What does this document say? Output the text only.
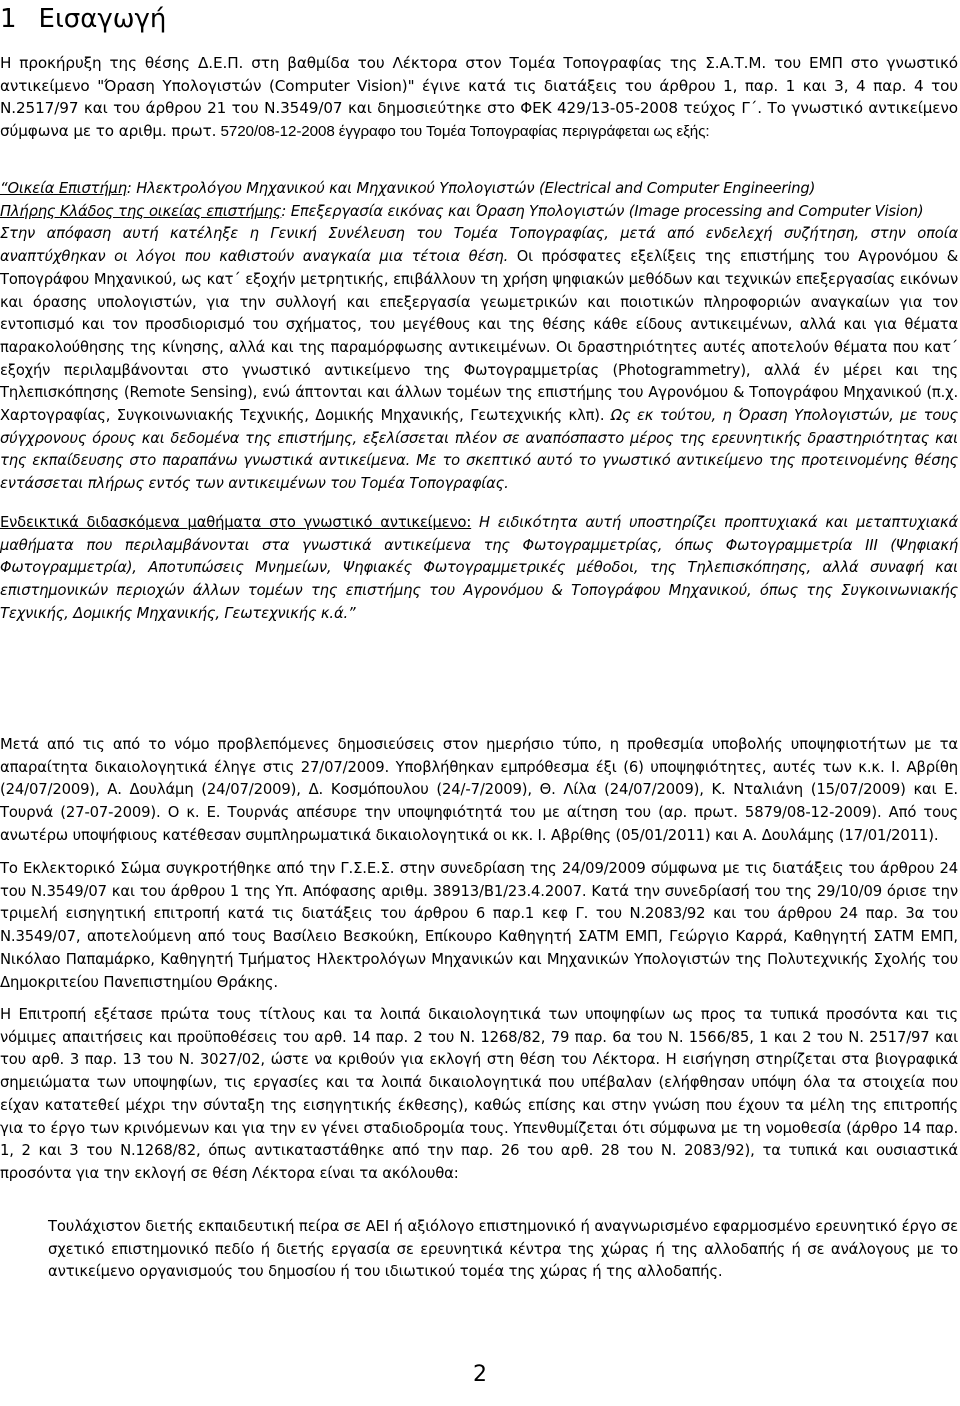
1 Εισαγωγή

Η προκήρυξη της θέσης Δ.Ε.Π. στη βαθμίδα του Λέκτορα στον Τομέα Τοπογραφίας της Σ.Α.Τ.Μ. του ΕΜΠ στο γνωστικό αντικείμενο "Όραση Υπολογιστών (Computer Vision)" έγινε κατά τις διατάξεις του άρθρου 1, παρ. 1 και 3, 4 παρ. 4 του Ν.2517/97 και του άρθρου 21 του Ν.3549/07 και δημοσιεύτηκε στο ΦΕΚ 429/13-05-2008 τεύχος Γ΄. Το γνωστικό αντικείμενο σύμφωνα με το αριθμ. πρωτ. 5720/08-12-2008 έγγραφο του Τομέα Τοπογραφίας περιγράφεται ως εξής:

“Οικεία Επιστήμη: Ηλεκτρολόγου Μηχανικού και Μηχανικού Υπολογιστών (Electrical and Computer Engineering)

Πλήρης Κλάδος της οικείας επιστήμης: Επεξεργασία εικόνας και Όραση Υπολογιστών (Image processing and Computer Vision)

Στην απόφαση αυτή κατέληξε η Γενική Συνέλευση του Τομέα Τοπογραφίας, μετά από ενδελεχή συζήτηση, στην οποία αναπτύχθηκαν οι λόγοι που καθιστούν αναγκαία μια τέτοια θέση. Οι πρόσφατες εξελίξεις της επιστήμης του Αγρονόμου & Τοπογράφου Μηχανικού, ως κατ΄ εξοχήν μετρητικής, επιβάλλουν τη χρήση ψηφιακών μεθόδων και τεχνικών επεξεργασίας εικόνων και όρασης υπολογιστών, για την συλλογή και επεξεργασία γεωμετρικών και ποιοτικών πληροφοριών αναγκαίων για τον εντοπισμό και τον προσδιορισμό του σχήματος, του μεγέθους και της θέσης κάθε είδους αντικειμένων, αλλά και για θέματα παρακολούθησης της κίνησης, αλλά και της παραμόρφωσης αντικειμένων. Οι δραστηριότητες αυτές αποτελούν θέματα που κατ΄ εξοχήν περιλαμβάνονται στο γνωστικό αντικείμενο της Φωτογραμμετρίας (Photogrammetry), αλλά έν μέρει και της Τηλεπισκόπησης (Remote Sensing), ενώ άπτονται και άλλων τομέων της επιστήμης του Αγρονόμου & Τοπογράφου Μηχανικού (π.χ. Χαρτογραφίας, Συγκοινωνιακής Τεχνικής, Δομικής Μηχανικής, Γεωτεχνικής κλπ). Ως εκ τούτου, η Όραση Υπολογιστών, με τους σύγχρονους όρους και δεδομένα της επιστήμης, εξελίσσεται πλέον σε αναπόσπαστο μέρος της ερευνητικής δραστηριότητας και της εκπαίδευσης στο παραπάνω γνωστικά αντικείμενα. Με το σκεπτικό αυτό το γνωστικό αντικείμενο της προτεινομένης θέσης εντάσσεται πλήρως εντός των αντικειμένων του Τομέα Τοπογραφίας.

Ενδεικτικά διδασκόμενα μαθήματα στο γνωστικό αντικείμενο: Η ειδικότητα αυτή υποστηρίζει προπτυχιακά και μεταπτυχιακά μαθήματα που περιλαμβάνονται στα γνωστικά αντικείμενα της Φωτογραμμετρίας, όπως Φωτογραμμετρία III (Ψηφιακή Φωτογραμμετρία), Αποτυπώσεις Μνημείων, Ψηφιακές Φωτογραμμετρικές μέθοδοι, της Τηλεπισκόπησης, αλλά συναφή και επιστημονικών περιοχών άλλων τομέων της επιστήμης του Αγρονόμου & Τοπογράφου Μηχανικού, όπως της Συγκοινωνιακής Τεχνικής, Δομικής Μηχανικής, Γεωτεχνικής κ.ά.”

Μετά από τις από το νόμο προβλεπόμενες δημοσιεύσεις στον ημερήσιο τύπο, η προθεσμία υποβολής υποψηφιοτήτων με τα απαραίτητα δικαιολογητικά έληγε στις 27/07/2009. Υποβλήθηκαν εμπρόθεσμα έξι (6) υποψηφιότητες, αυτές των κ.κ. Ι. Αβρίθη (24/07/2009), Α. Δουλάμη (24/07/2009), Δ. Κοσμόπουλου (24/-7/2009), Θ. Λίλα (24/07/2009), Κ. Νταλιάνη (15/07/2009) και Ε. Τουρνά (27-07-2009). Ο κ. Ε. Τουρνάς απέσυρε την υποψηφιότητά του με αίτηση του (αρ. πρωτ. 5879/08-12-2009). Από τους ανωτέρω υποψήφιους κατέθεσαν συμπληρωματικά δικαιολογητικά οι κκ. Ι. Αβρίθης (05/01/2011) και Α. Δουλάμης (17/01/2011).

Το Εκλεκτορικό Σώμα συγκροτήθηκε από την Γ.Σ.Ε.Σ. στην συνεδρίαση της 24/09/2009 σύμφωνα με τις διατάξεις του άρθρου 24 του Ν.3549/07 και του άρθρου 1 της Υπ. Απόφασης αριθμ. 38913/Β1/23.4.2007. Κατά την συνεδρίασή του της 29/10/09 όρισε την τριμελή εισηγητική επιτροπή κατά τις διατάξεις του άρθρου 6 παρ.1 κεφ Γ. του Ν.2083/92 και του άρθρου 24 παρ. 3α του Ν.3549/07, αποτελούμενη από τους Βασίλειο Βεσκούκη, Επίκουρο Καθηγητή ΣΑΤΜ ΕΜΠ, Γεώργιο Καρρά, Καθηγητή ΣΑΤΜ ΕΜΠ, Νικόλαο Παπαμάρκο, Καθηγητή Τμήματος Ηλεκτρολόγων Μηχανικών και Μηχανικών Υπολογιστών της Πολυτεχνικής Σχολής του Δημοκριτείου Πανεπιστημίου Θράκης.

Η Επιτροπή εξέτασε πρώτα τους τίτλους και τα λοιπά δικαιολογητικά των υποψηφίων ως προς τα τυπικά προσόντα και τις νόμιμες απαιτήσεις και προϋποθέσεις του αρθ. 14 παρ. 2 του Ν. 1268/82, 79 παρ. 6α του Ν. 1566/85, 1 και 2 του Ν. 2517/97 και του αρθ. 3 παρ. 13 του Ν. 3027/02, ώστε να κριθούν για εκλογή στη θέση του Λέκτορα. Η εισήγηση στηρίζεται στα βιογραφικά σημειώματα των υποψηφίων, τις εργασίες και τα λοιπά δικαιολογητικά που υπέβαλαν (ελήφθησαν υπόψη όλα τα στοιχεία που είχαν κατατεθεί μέχρι την σύνταξη της εισηγητικής έκθεσης), καθώς επίσης και στην γνώση που έχουν τα μέλη της επιτροπής για το έργο των κρινόμενων και για την εν γένει σταδιοδρομία τους. Υπενθυμίζεται ότι σύμφωνα με τη νομοθεσία (άρθρο 14 παρ. 1, 2 και 3 του Ν.1268/82, όπως αντικαταστάθηκε από την παρ. 26 του αρθ. 28 του Ν. 2083/92), τα τυπικά και ουσιαστικά προσόντα για την εκλογή σε θέση Λέκτορα είναι τα ακόλουθα:

Τουλάχιστον διετής εκπαιδευτική πείρα σε ΑΕΙ ή αξιόλογο επιστημονικό ή αναγνωρισμένο εφαρμοσμένο ερευνητικό έργο σε σχετικό επιστημονικό πεδίο ή διετής εργασία σε ερευνητικά κέντρα της χώρας ή της αλλοδαπής ή σε ανάλογους με το αντικείμενο οργανισμούς του δημοσίου ή του ιδιωτικού τομέα της χώρας ή της αλλοδαπής.

2
